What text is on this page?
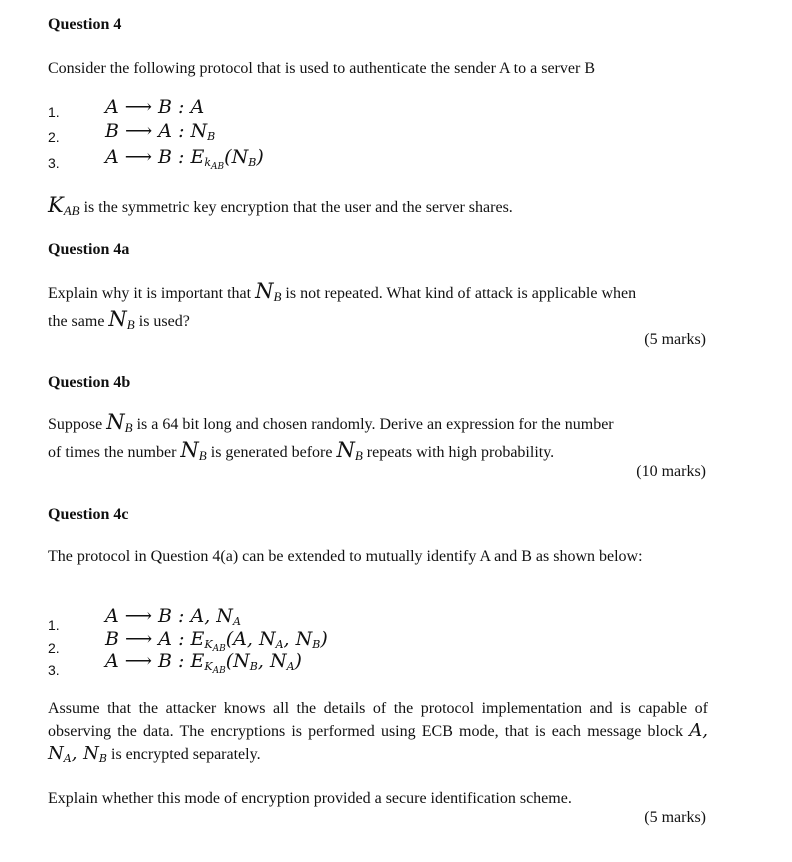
Question 4
Consider the following protocol that is used to authenticate the sender A to a server B
1. A ⟶ B : A
2. B ⟶ A : $N_B$
3. A ⟶ B : $E_{k_{AB}}(N_B)$
$K_{AB}$ is the symmetric key encryption that the user and the server shares.
Question 4a
Explain why it is important that $N_B$ is not repeated. What kind of attack is applicable when
the same $N_B$ is used?
(5 marks)
Question 4b
Suppose $N_B$ is a 64 bit long and chosen randomly. Derive an expression for the number
of times the number $N_B$ is generated before $N_B$ repeats with high probability.
(10 marks)
Question 4c
The protocol in Question 4(a) can be extended to mutually identify A and B as shown below:
1. A ⟶ B : A, $N_A$
2. B ⟶ A : $E_{K_{AB}}(A$, $N_A$, $N_B$)
3. A ⟶ B : $E_{K_{AB}}(N_B$, $N_A$)
Assume that the attacker knows all the details of the protocol implementation and is capable of observing the data. The encryptions is performed using ECB mode, that is each message block A, $N_A$, $N_B$ is encrypted separately.
Explain whether this mode of encryption provided a secure identification scheme.
(5 marks)
